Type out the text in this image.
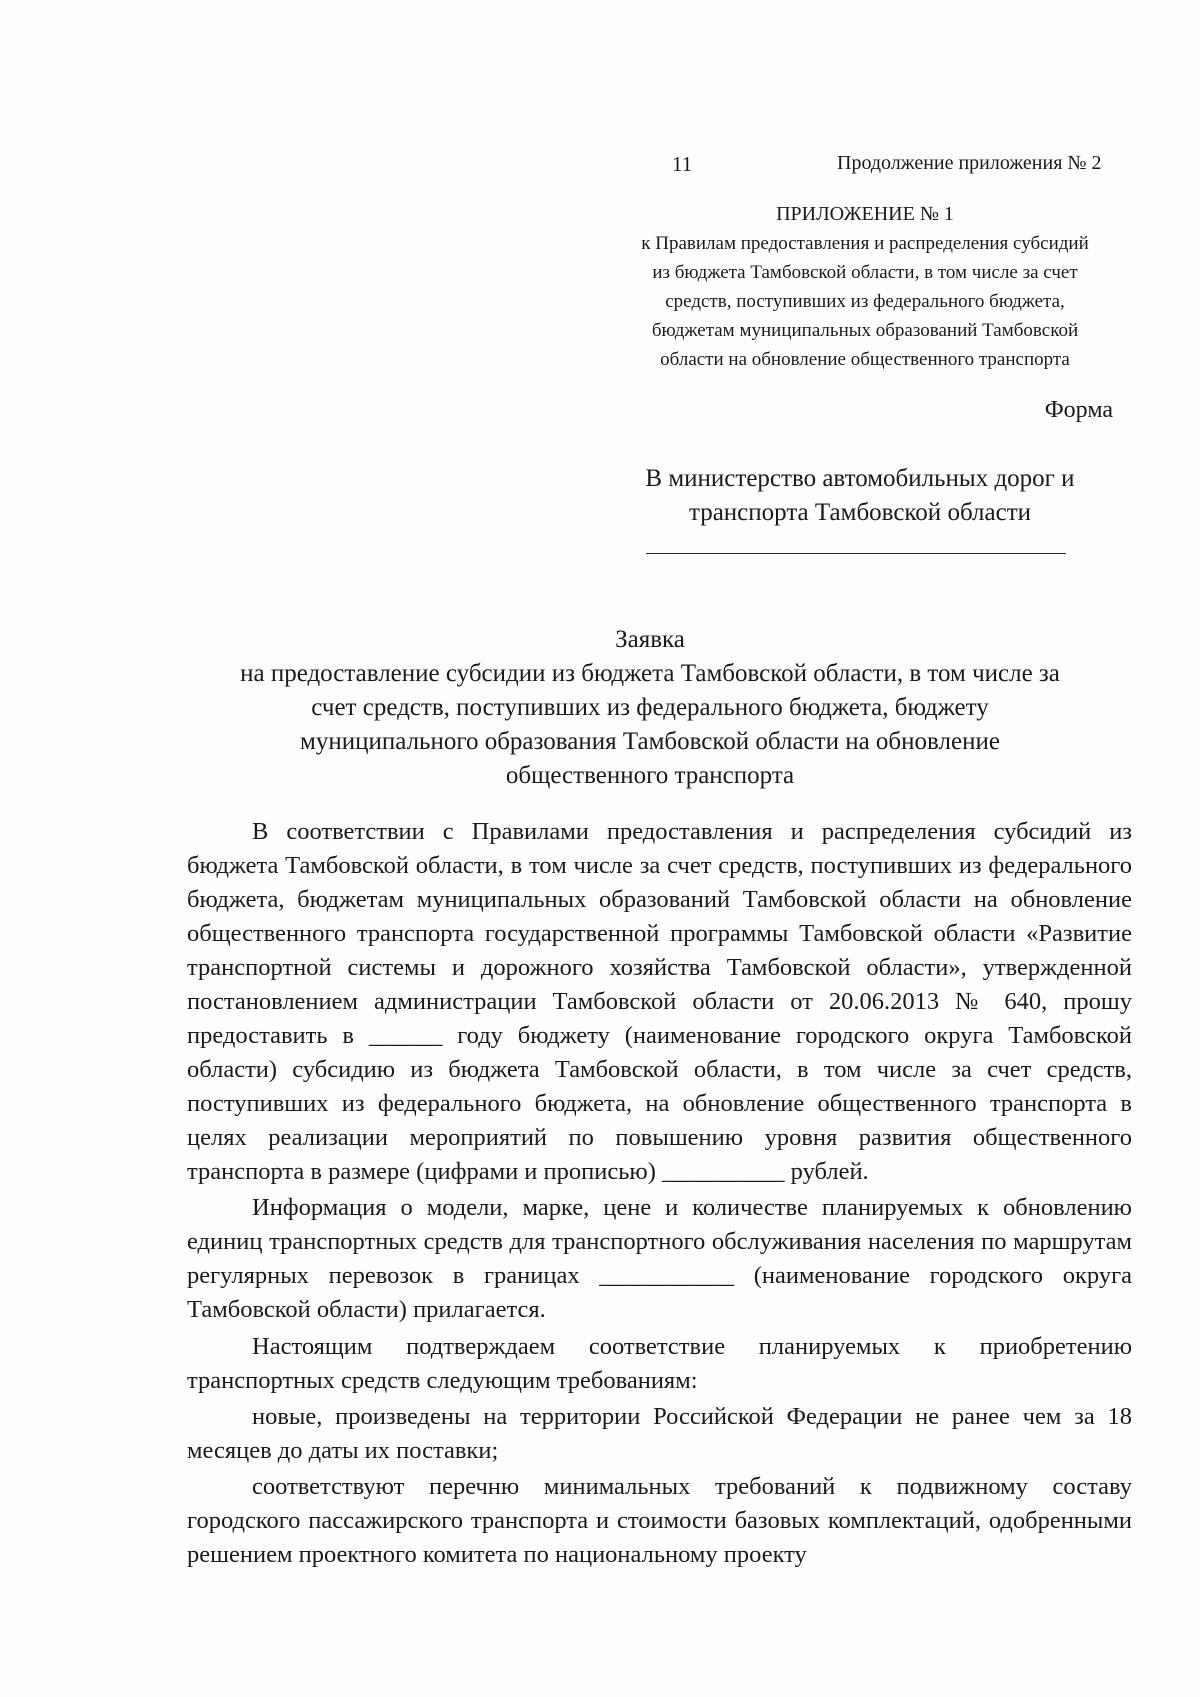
11	Продолжение приложения № 2
ПРИЛОЖЕНИЕ № 1
к Правилам предоставления и распределения субсидий
из бюджета Тамбовской области, в том числе за счет
средств, поступивших из федерального бюджета,
бюджетам муниципальных образований Тамбовской
области на обновление общественного транспорта
Форма
В министерство автомобильных дорог и
транспорта Тамбовской области
Заявка
на предоставление субсидии из бюджета Тамбовской области, в том числе за
счет средств, поступивших из федерального бюджета, бюджету
муниципального образования Тамбовской области на обновление
общественного транспорта

В соответствии с Правилами предоставления и распределения субсидий из бюджета Тамбовской области, в том числе за счет средств, поступивших из федерального бюджета, бюджетам муниципальных образований Тамбовской области на обновление общественного транспорта государственной программы Тамбовской области «Развитие транспортной системы и дорожного хозяйства Тамбовской области», утвержденной постановлением администрации Тамбовской области от 20.06.2013 № 640, прошу предоставить в ______ году бюджету (наименование городского округа Тамбовской области) субсидию из бюджета Тамбовской области, в том числе за счет средств, поступивших из федерального бюджета, на обновление общественного транспорта в целях реализации мероприятий по повышению уровня развития общественного транспорта в размере (цифрами и прописью) __________ рублей.

Информация о модели, марке, цене и количестве планируемых к обновлению единиц транспортных средств для транспортного обслуживания населения по маршрутам регулярных перевозок в границах ___________ (наименование городского округа Тамбовской области) прилагается.

Настоящим подтверждаем соответствие планируемых к приобретению транспортных средств следующим требованиям:

новые, произведены на территории Российской Федерации не ранее чем за 18 месяцев до даты их поставки;

соответствуют перечню минимальных требований к подвижному составу городского пассажирского транспорта и стоимости базовых комплектаций, одобренными решением проектного комитета по национальному проекту
